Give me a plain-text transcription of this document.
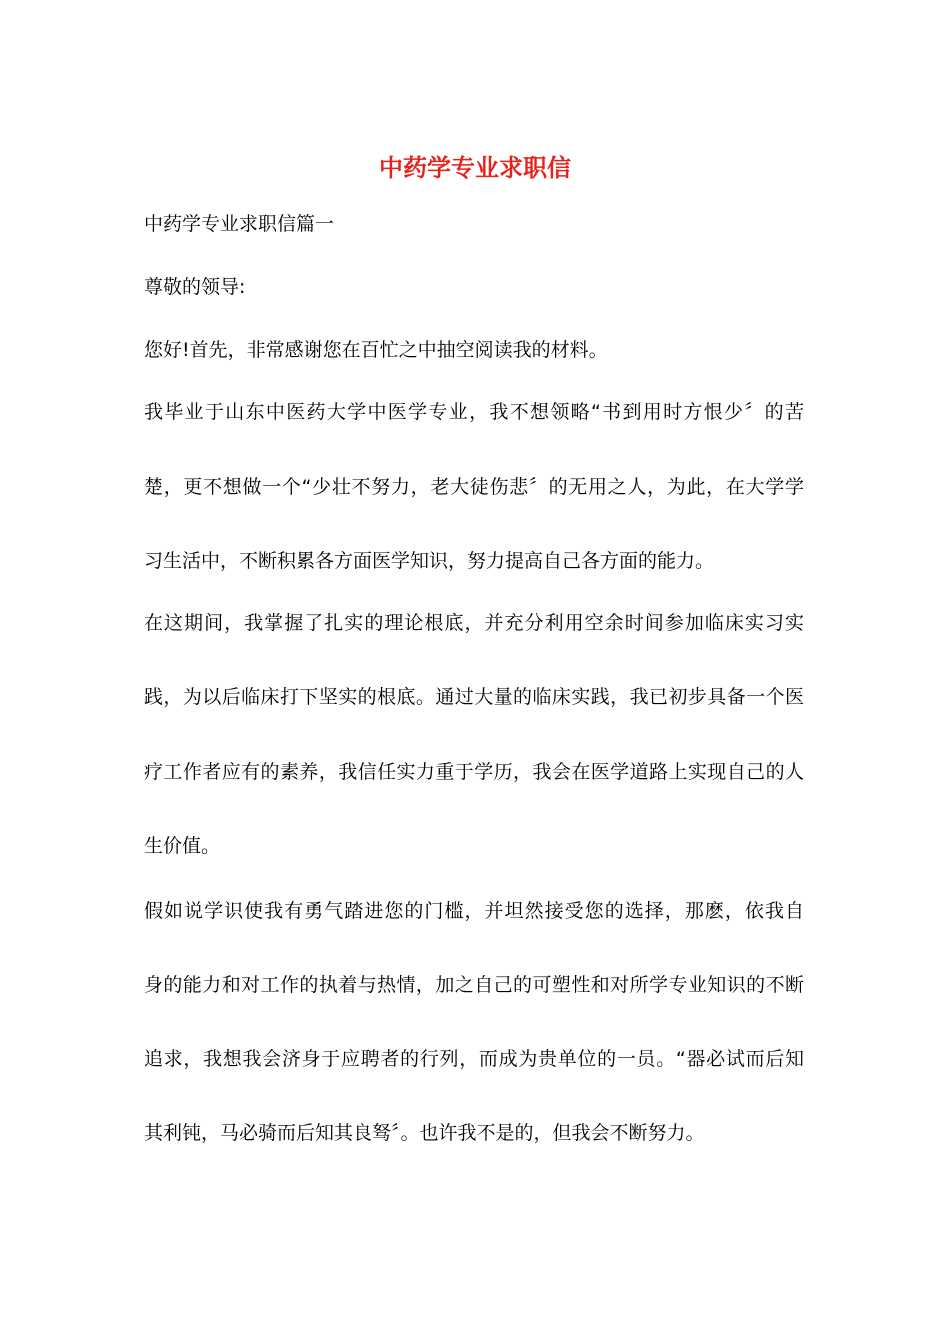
中药学专业求职信

中药学专业求职信篇一

尊敬的领导:

您好!首先，非常感谢您在百忙之中抽空阅读我的材料。

我毕业于山东中医药大学中医学专业，我不想领略“书到用时方恨少〞的苦

楚，更不想做一个“少壮不努力，老大徒伤悲〞的无用之人，为此，在大学学

习生活中，不断积累各方面医学知识，努力提高自己各方面的能力。

在这期间，我掌握了扎实的理论根底，并充分利用空余时间参加临床实习实

践，为以后临床打下坚实的根底。通过大量的临床实践，我已初步具备一个医

疗工作者应有的素养，我信任实力重于学历，我会在医学道路上实现自己的人

生价值。

假如说学识使我有勇气踏进您的门槛，并坦然接受您的选择，那麽，依我自

身的能力和对工作的执着与热情，加之自己的可塑性和对所学专业知识的不断

追求，我想我会济身于应聘者的行列，而成为贵单位的一员。“器必试而后知

其利钝，马必骑而后知其良驽〞。也许我不是的，但我会不断努力。
